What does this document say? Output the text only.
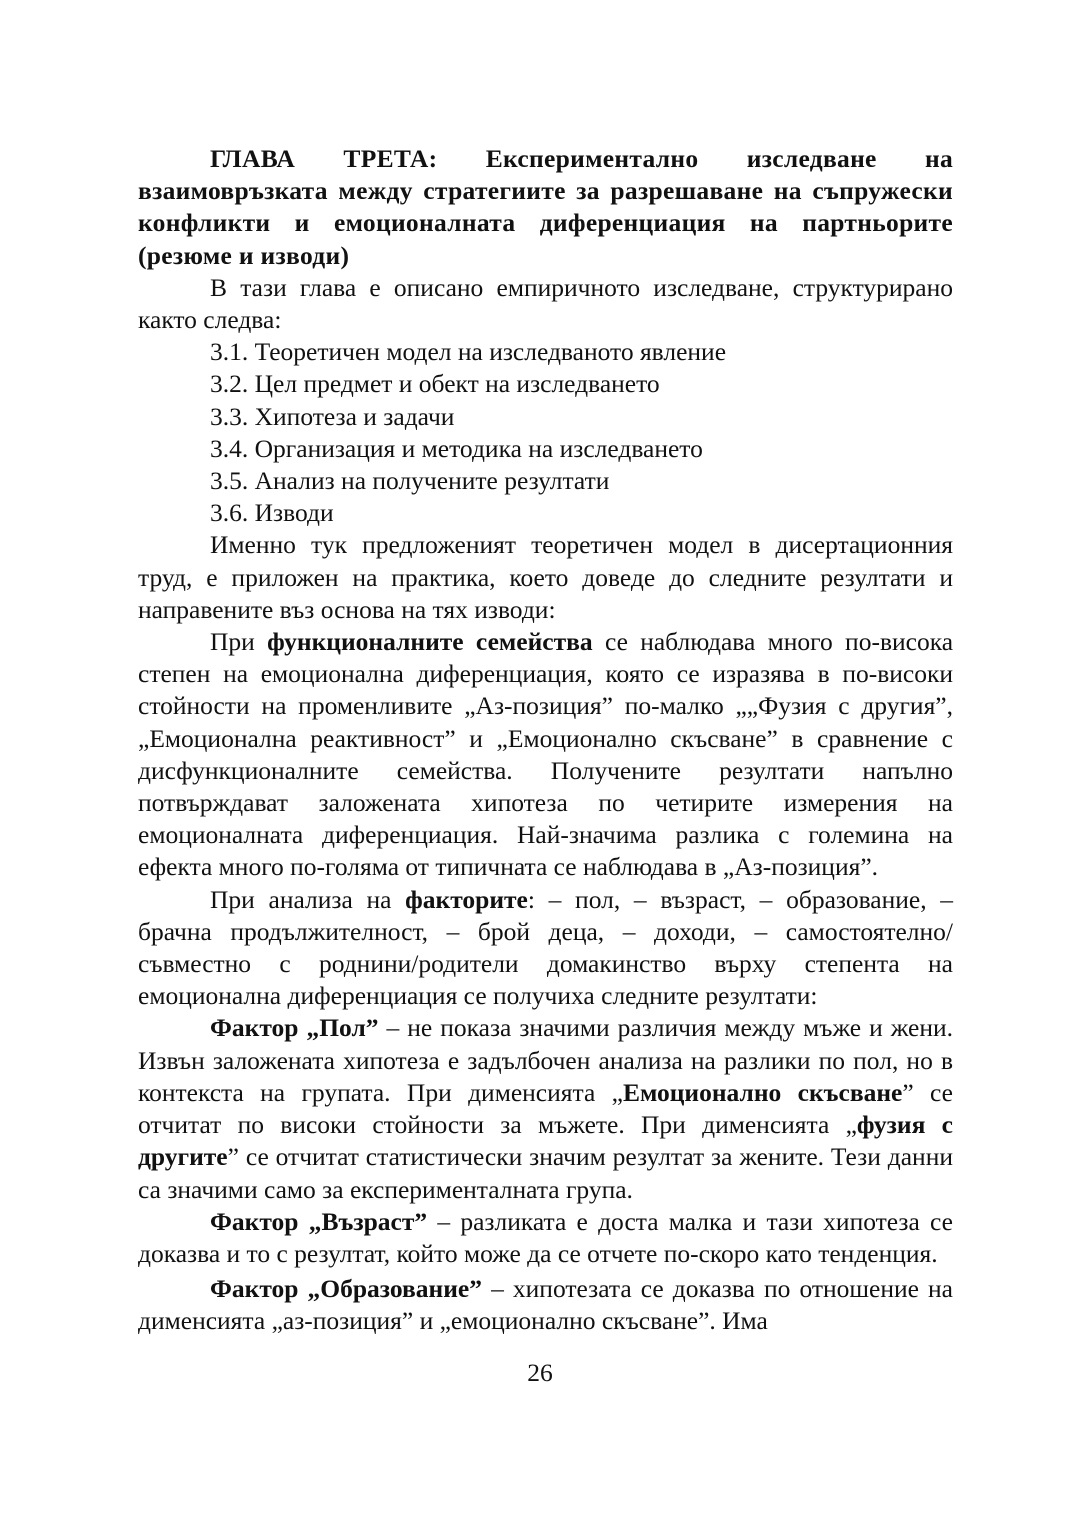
ГЛАВА ТРЕТА: Експериментално изследване на взаимовръзката между стратегиите за разрешаване на съпружески конфликти и емоционалната диференциация на партньорите (резюме и изводи)

В тази глава е описано емпиричното изследване, структурирано както следва:

3.1. Теоретичен модел на изследваното явление
3.2. Цел предмет и обект на изследването
3.3. Хипотеза и задачи
3.4. Организация и методика на изследването
3.5. Анализ на получените резултати
3.6. Изводи

Именно тук предложеният теоретичен модел в дисертационния труд, е приложен на практика, което доведе до следните резултати и направените въз основа на тях изводи:

При функционалните семейства се наблюдава много по-висока степен на емоционална диференциация, която се изразява в по-високи стойности на променливите „Аз-позиция” по-малко „„Фузия с другия”, „Емоционална реактивност” и „Емоционално скъсване” в сравнение с дисфункционалните семейства. Получените резултати напълно потвърждават заложената хипотеза по четирите измерения на емоционалната диференциация. Най-значима разлика с големина на ефекта много по-голяма от типичната се наблюдава в „Аз-позиция”.

При анализа на факторите: – пол, – възраст, – образование, – брачна продължителност, – брой деца, – доходи, – самостоятелно/съвместно с роднини/родители домакинство върху степента на емоционална диференциация се получиха следните резултати:

Фактор „Пол” – не показа значими различия между мъже и жени. Извън заложената хипотеза е задълбочен анализа на разлики по пол, но в контекста на групата. При димeнсията „Емоционално скъсване” се отчитат по високи стойности за мъжете. При димeнсията „фузия с другите” се отчитат статистически значим резултат за жените. Тези данни са значими само за експерименталната група.

Фактор „Възраст” – разликата е доста малка и тази хипотеза се доказва и то с резултат, който може да се отчете по-скоро като тенденция.

Фактор „Образование” – хипотезата се доказва по отношение на димeнсията „аз-позиция” и „емоционално скъсване”. Има

26
